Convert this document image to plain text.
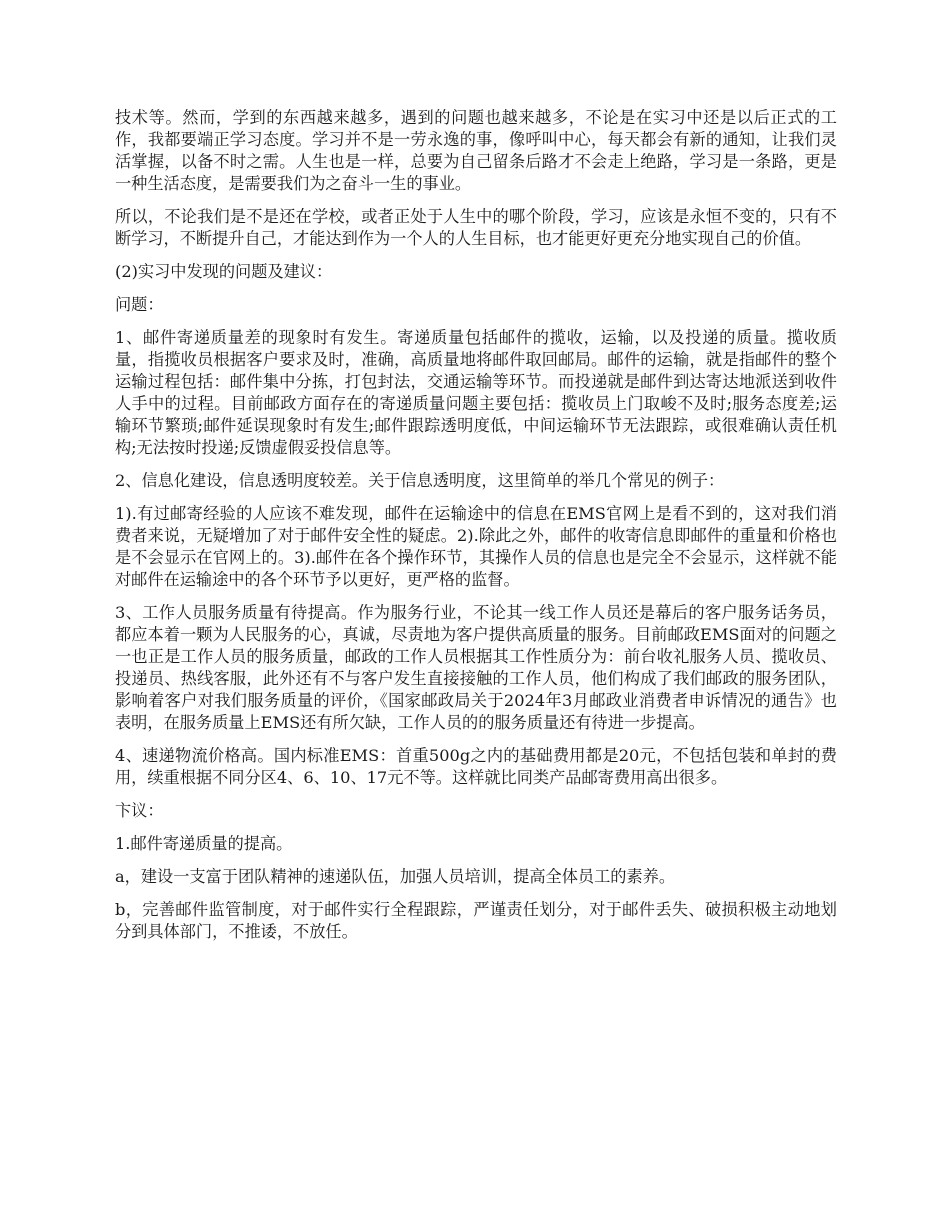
技术等。然而，学到的东西越来越多，遇到的问题也越来越多，不论是在实习中还是以后正式的工作，我都要端正学习态度。学习并不是一劳永逸的事，像呼叫中心，每天都会有新的通知，让我们灵活掌握，以备不时之需。人生也是一样，总要为自己留条后路才不会走上绝路，学习是一条路，更是一种生活态度，是需要我们为之奋斗一生的事业。

所以，不论我们是不是还在学校，或者正处于人生中的哪个阶段，学习，应该是永恒不变的，只有不断学习，不断提升自己，才能达到作为一个人的人生目标，也才能更好更充分地实现自己的价值。

(2)实习中发现的问题及建议：

问题：

1、邮件寄递质量差的现象时有发生。寄递质量包括邮件的揽收，运输，以及投递的质量。揽收质量，指揽收员根据客户要求及时，准确，高质量地将邮件取回邮局。邮件的运输，就是指邮件的整个运输过程包括：邮件集中分拣，打包封法，交通运输等环节。而投递就是邮件到达寄达地派送到收件人手中的过程。目前邮政方面存在的寄递质量问题主要包括：揽收员上门取峻不及时;服务态度差;运输环节繁琐;邮件延误现象时有发生;邮件跟踪透明度低，中间运输环节无法跟踪，或很难确认责任机构;无法按时投递;反馈虚假妥投信息等。

2、信息化建设，信息透明度较差。关于信息透明度，这里简单的举几个常见的例子：

1).有过邮寄经验的人应该不难发现，邮件在运输途中的信息在EMS官网上是看不到的，这对我们消费者来说，无疑增加了对于邮件安全性的疑虑。2).除此之外，邮件的收寄信息即邮件的重量和价格也是不会显示在官网上的。3).邮件在各个操作环节，其操作人员的信息也是完全不会显示，这样就不能对邮件在运输途中的各个环节予以更好，更严格的监督。

3、工作人员服务质量有待提高。作为服务行业，不论其一线工作人员还是幕后的客户服务话务员，都应本着一颗为人民服务的心，真诚，尽责地为客户提供高质量的服务。目前邮政EMS面对的问题之一也正是工作人员的服务质量，邮政的工作人员根据其工作性质分为：前台收礼服务人员、揽收员、投递员、热线客服，此外还有不与客户发生直接接触的工作人员，他们构成了我们邮政的服务团队，影响着客户对我们服务质量的评价，《国家邮政局关于2024年3月邮政业消费者申诉情况的通告》也表明，在服务质量上EMS还有所欠缺，工作人员的的服务质量还有待进一步提高。

4、速递物流价格高。国内标准EMS：首重500g之内的基础费用都是20元，不包括包装和单封的费用，续重根据不同分区4、6、10、17元不等。这样就比同类产品邮寄费用高出很多。

卞议：

1.邮件寄递质量的提高。

a，建设一支富于团队精神的速递队伍，加强人员培训，提高全体员工的素养。

b，完善邮件监管制度，对于邮件实行全程跟踪，严谨责任划分，对于邮件丢失、破损积极主动地划分到具体部门，不推诿，不放任。
